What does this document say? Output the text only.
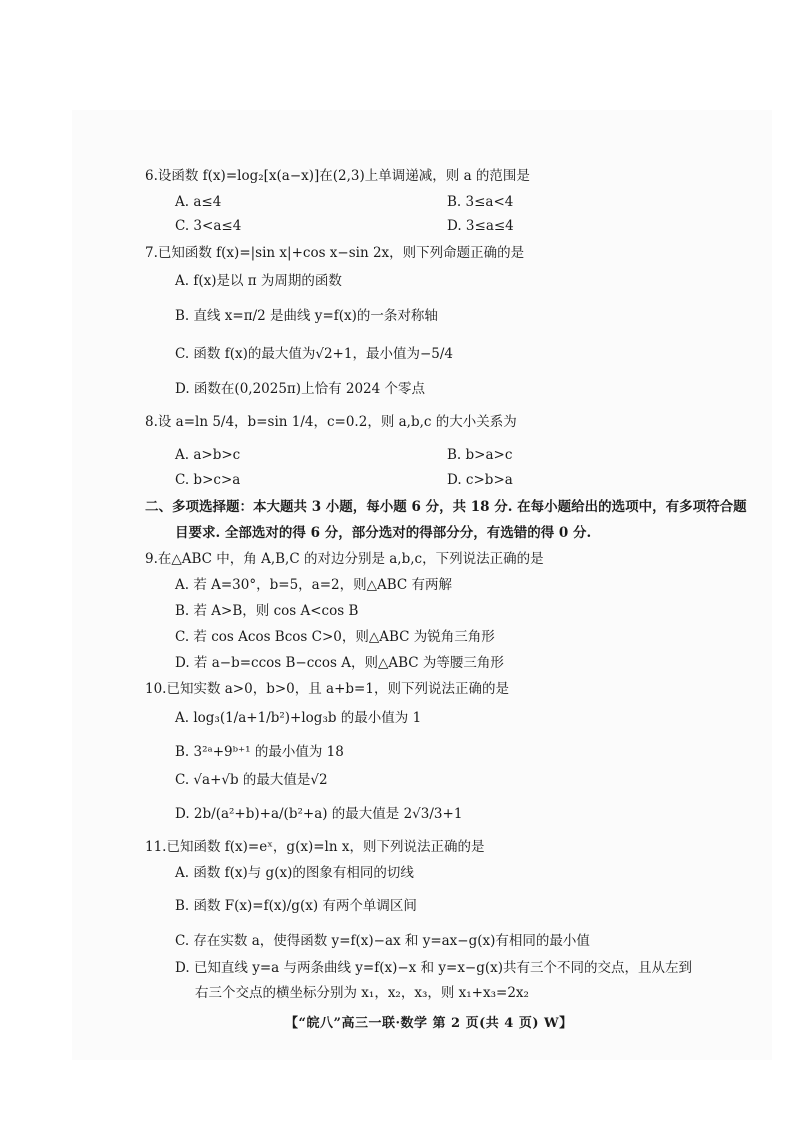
6.设函数 f(x)=log₂[x(a−x)]在(2,3)上单调递减，则 a 的范围是
A. a≤4	B. 3≤a<4
C. 3<a≤4	D. 3≤a≤4
7.已知函数 f(x)=|sin x|+cos x−sin 2x，则下列命题正确的是
A. f(x)是以 π 为周期的函数
B. 直线 x=π/2 是曲线 y=f(x)的一条对称轴
C. 函数 f(x)的最大值为√2+1，最小值为−5/4
D. 函数在(0,2025π)上恰有 2024 个零点
8.设 a=ln 5/4，b=sin 1/4，c=0.2，则 a,b,c 的大小关系为
A. a>b>c	B. b>a>c
C. b>c>a	D. c>b>a
二、多项选择题：本大题共 3 小题，每小题 6 分，共 18 分. 在每小题给出的选项中，有多项符合题
目要求. 全部选对的得 6 分，部分选对的得部分分，有选错的得 0 分.
9.在△ABC 中，角 A,B,C 的对边分别是 a,b,c，下列说法正确的是
A. 若 A=30°，b=5，a=2，则△ABC 有两解
B. 若 A>B，则 cos A<cos B
C. 若 cos Acos Bcos C>0，则△ABC 为锐角三角形
D. 若 a−b=ccos B−ccos A，则△ABC 为等腰三角形
10.已知实数 a>0，b>0，且 a+b=1，则下列说法正确的是
A. log₃(1/a+1/b²)+log₃b 的最小值为 1
B. 3²ᵃ+9ᵇ⁺¹ 的最小值为 18
C. √a+√b 的最大值是√2
D. 2b/(a²+b)+a/(b²+a) 的最大值是 2√3/3+1
11.已知函数 f(x)=eˣ，g(x)=ln x，则下列说法正确的是
A. 函数 f(x)与 g(x)的图象有相同的切线
B. 函数 F(x)=f(x)/g(x) 有两个单调区间
C. 存在实数 a，使得函数 y=f(x)−ax 和 y=ax−g(x)有相同的最小值
D. 已知直线 y=a 与两条曲线 y=f(x)−x 和 y=x−g(x)共有三个不同的交点，且从左到
右三个交点的横坐标分别为 x₁，x₂，x₃，则 x₁+x₃=2x₂
【“皖八”高三一联·数学 第 2 页(共 4 页) W】
